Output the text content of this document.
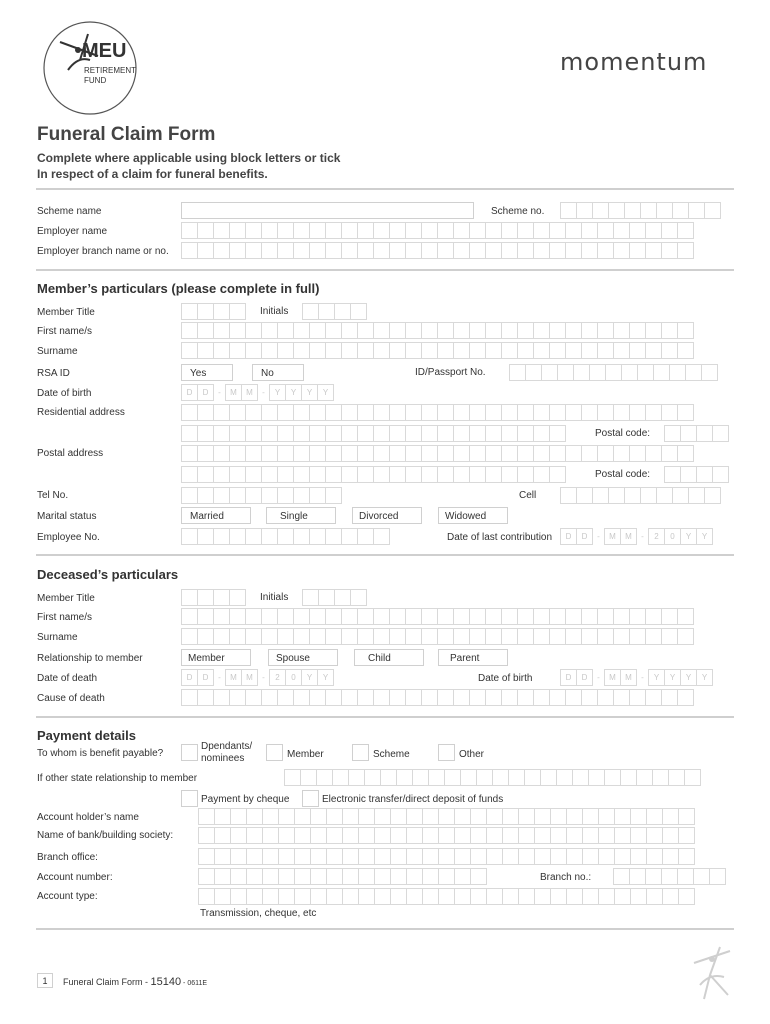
MEU
RETIREMENT
FUND
momentum
Funeral Claim Form
Complete where applicable using block letters or tick
In respect of a claim for funeral benefits.
Scheme name	Scheme no.
Employer name
Employer branch name or no.
Member’s particulars (please complete in full)
Member Title	Initials
First name/s
Surname
RSA ID	Yes	No	ID/Passport No.
Date of birth	D	D	-	M	M	-	Y	Y	Y	Y
Residential address
Postal code:
Postal address
Postal code:
Tel No.	Cell
Marital status	Married	Single	Divorced	Widowed
Employee No.	Date of last contribution	D	D	-	M	M	-	2	0	Y	Y
Deceased’s particulars
Member Title	Initials
First name/s
Surname
Relationship to member	Member	Spouse	Child	Parent
Date of death	D	D	-	M	M	-	2	0	Y	Y	Date of birth	D	D	-	M	M	-	Y	Y	Y	Y
Cause of death
Payment details
To whom is benefit payable?
Dpendants/
nominees	Member	Scheme	Other
If other state relationship to member
Payment by cheque	Electronic transfer/direct deposit of funds
Account holder’s name
Name of bank/building society:
Branch office:
Account number:	Branch no.:
Account type:
Transmission, cheque, etc
1	Funeral Claim Form - 15140 - 0611E
